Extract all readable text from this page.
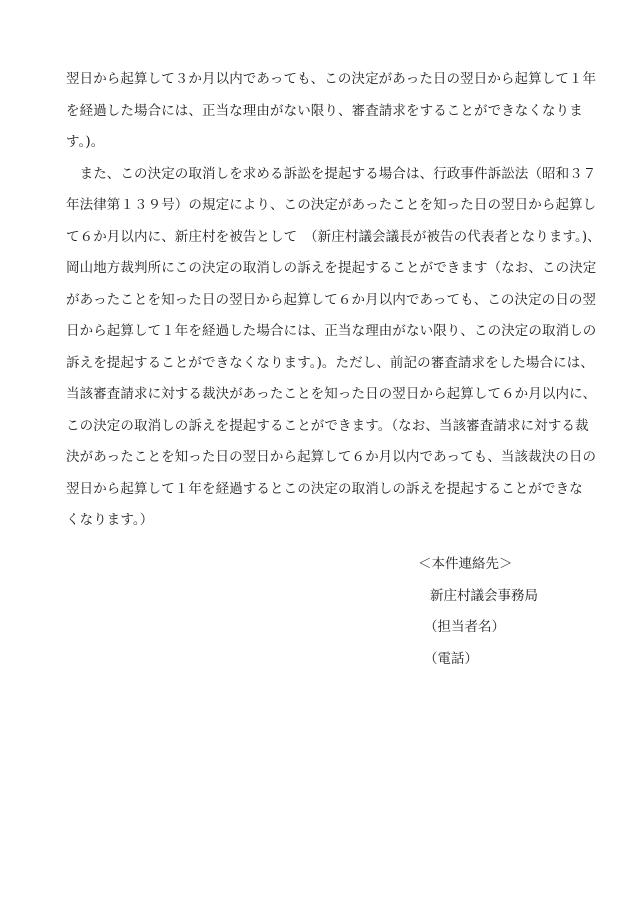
翌日から起算して３か月以内であっても、この決定があった日の翌日から起算して１年
を経過した場合には、正当な理由がない限り、審査請求をすることができなくなりま
す。)。
　また、この決定の取消しを求める訴訟を提起する場合は、行政事件訴訟法（昭和３７
年法律第１３９号）の規定により、この決定があったことを知った日の翌日から起算し
て６か月以内に、新庄村を被告として　（新庄村議会議長が被告の代表者となります。)、
岡山地方裁判所にこの決定の取消しの訴えを提起することができます（なお、この決定
があったことを知った日の翌日から起算して６か月以内であっても、この決定の日の翌
日から起算して１年を経過した場合には、正当な理由がない限り、この決定の取消しの
訴えを提起することができなくなります。)。ただし、前記の審査請求をした場合には、
当該審査請求に対する裁決があったことを知った日の翌日から起算して６か月以内に、
この決定の取消しの訴えを提起することができます。（なお、当該審査請求に対する裁
決があったことを知った日の翌日から起算して６か月以内であっても、当該裁決の日の
翌日から起算して１年を経過するとこの決定の取消しの訴えを提起することができな
くなります。）
＜本件連絡先＞
新庄村議会事務局
（担当者名）
（電話）
